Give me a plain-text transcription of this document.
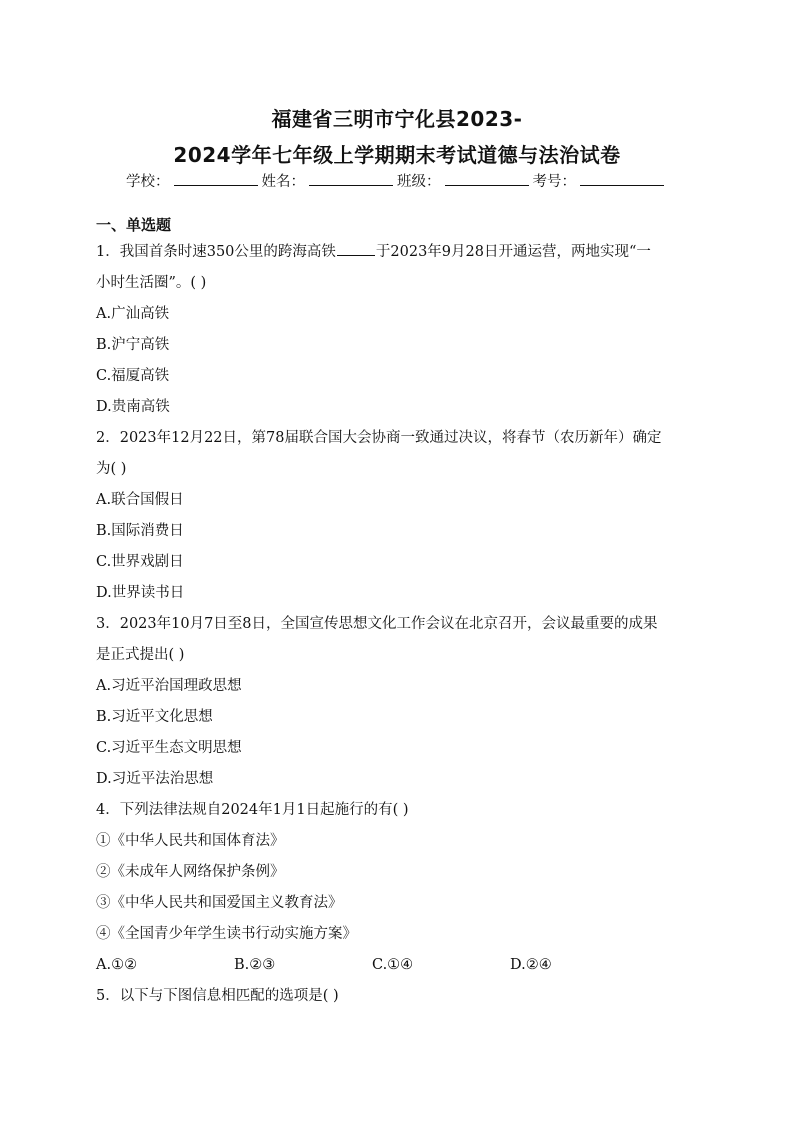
福建省三明市宁化县2023-
2024学年七年级上学期期末考试道德与法治试卷
学校：	姓名：	班级：	考号：
一、单选题
1．我国首条时速350公里的跨海高铁	于2023年9月28日开通运营，两地实现“一
小时生活圈”。( )
A.广汕高铁
B.沪宁高铁
C.福厦高铁
D.贵南高铁
2．2023年12月22日，第78届联合国大会协商一致通过决议，将春节（农历新年）确定
为( )
A.联合国假日
B.国际消费日
C.世界戏剧日
D.世界读书日
3．2023年10月7日至8日，全国宣传思想文化工作会议在北京召开，会议最重要的成果
是正式提出( )
A.习近平治国理政思想
B.习近平文化思想
C.习近平生态文明思想
D.习近平法治思想
4．下列法律法规自2024年1月1日起施行的有( )
①《中华人民共和国体育法》
②《未成年人网络保护条例》
③《中华人民共和国爱国主义教育法》
④《全国青少年学生读书行动实施方案》
A.①②	B.②③	C.①④	D.②④
5．以下与下图信息相匹配的选项是( )
